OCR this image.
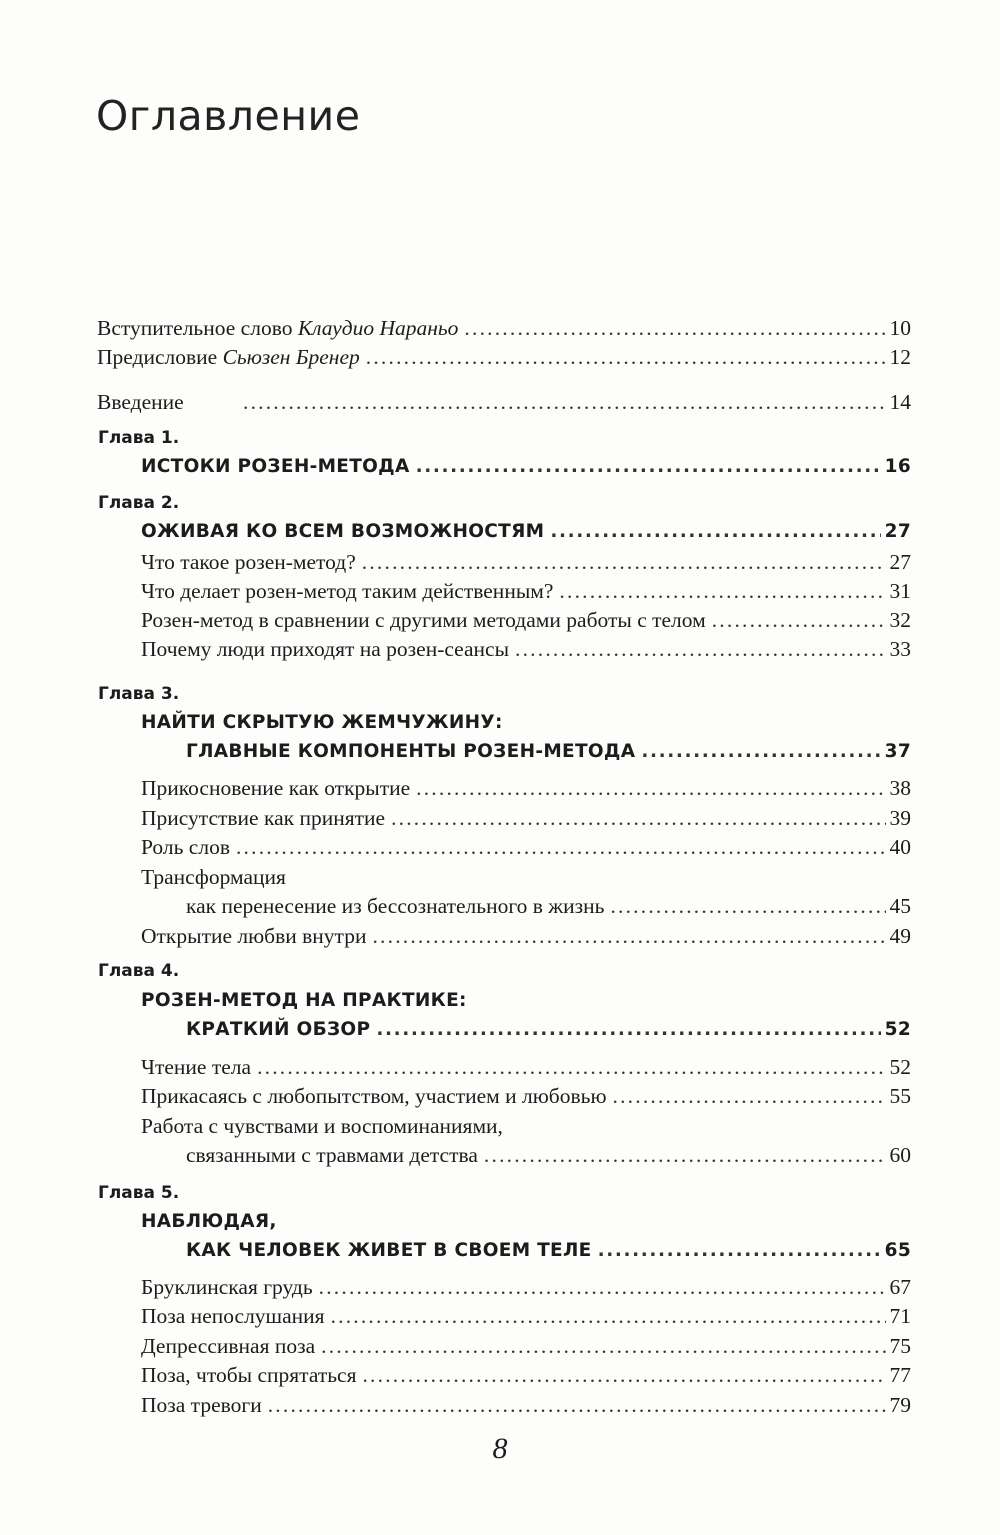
Оглавление
Вступительное слово Клаудио Нараньо .....	10
Предисловие Сьюзен Бренер .....	12
Введение .....	14
Глава 1.
ИСТОКИ РОЗЕН-МЕТОДА .....	16
Глава 2.
ОЖИВАЯ КО ВСЕМ ВОЗМОЖНОСТЯМ .....	27
Что такое розен-метод? .....	27
Что делает розен-метод таким действенным? .....	31
Розен-метод в сравнении с другими методами работы с телом .....	32
Почему люди приходят на розен-сеансы .....	33
Глава 3.
НАЙТИ СКРЫТУЮ ЖЕМЧУЖИНУ:
ГЛАВНЫЕ КОМПОНЕНТЫ РОЗЕН-МЕТОДА .....	37
Прикосновение как открытие .....	38
Присутствие как принятие .....	39
Роль слов .....	40
Трансформация
как перенесение из бессознательного в жизнь .....	45
Открытие любви внутри .....	49
Глава 4.
РОЗЕН-МЕТОД НА ПРАКТИКЕ:
КРАТКИЙ ОБЗОР .....	52
Чтение тела .....	52
Прикасаясь с любопытством, участием и любовью .....	55
Работа с чувствами и воспоминаниями,
связанными с травмами детства .....	60
Глава 5.
НАБЛЮДАЯ,
КАК ЧЕЛОВЕК ЖИВЕТ В СВОЕМ ТЕЛЕ .....	65
Бруклинская грудь .....	67
Поза непослушания .....	71
Депрессивная поза .....	75
Поза, чтобы спрятаться .....	77
Поза тревоги .....	79
8
